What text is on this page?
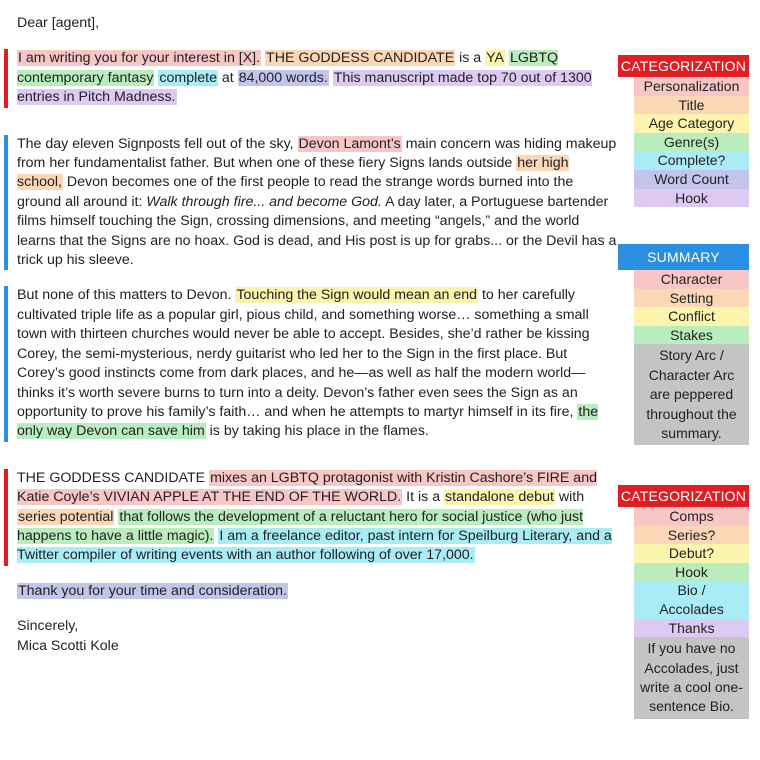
Dear [agent],

I am writing you for your interest in [X]. THE GODDESS CANDIDATE is a YA LGBTQ contemporary fantasy complete at 84,000 words. This manuscript made top 70 out of 1300 entries in Pitch Madness.

The day eleven Signposts fell out of the sky, Devon Lamont’s main concern was hiding makeup from her fundamentalist father. But when one of these fiery Signs lands outside her high school, Devon becomes one of the first people to read the strange words burned into the ground all around it: Walk through fire... and become God. A day later, a Portuguese bartender films himself touching the Sign, crossing dimensions, and meeting “angels,” and the world learns that the Signs are no hoax. God is dead, and His post is up for grabs... or the Devil has a trick up his sleeve.

But none of this matters to Devon. Touching the Sign would mean an end to her carefully cultivated triple life as a popular girl, pious child, and something worse… something a small town with thirteen churches would never be able to accept. Besides, she’d rather be kissing Corey, the semi-mysterious, nerdy guitarist who led her to the Sign in the first place. But Corey’s good instincts come from dark places, and he—as well as half the modern world—thinks it’s worth severe burns to turn into a deity. Devon’s father even sees the Sign as an opportunity to prove his family’s faith… and when he attempts to martyr himself in its fire, the only way Devon can save him is by taking his place in the flames.

THE GODDESS CANDIDATE mixes an LGBTQ protagonist with Kristin Cashore’s FIRE and Katie Coyle’s VIVIAN APPLE AT THE END OF THE WORLD. It is a standalone debut with series potential that follows the development of a reluctant hero for social justice (who just happens to have a little magic). I am a freelance editor, past intern for Speilburg Literary, and a Twitter compiler of writing events with an author following of over 17,000.

Thank you for your time and consideration.

Sincerely,

Mica Scotti Kole

CATEGORIZATION
Personalization
Title
Age Category
Genre(s)
Complete?
Word Count
Hook
SUMMARY
Character
Setting
Conflict
Stakes
Story Arc / Character Arc are peppered throughout the summary.
CATEGORIZATION
Comps
Series?
Debut?
Hook
Bio / Accolades
Thanks
If you have no Accolades, just write a cool one-sentence Bio.
